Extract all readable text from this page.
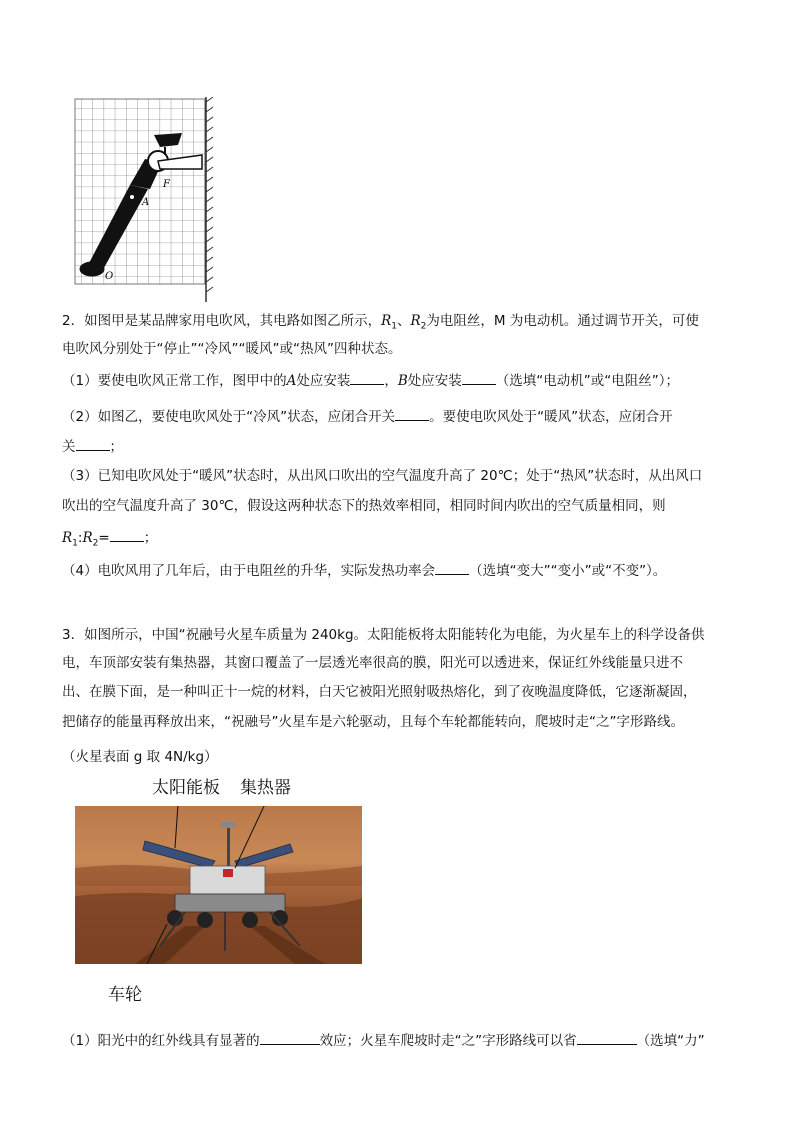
F
A
O
2．如图甲是某品牌家用电吹风，其电路如图乙所示，$R_1$、$R_2$为电阻丝，M 为电动机。通过调节开关，可使
电吹风分别处于“停止”“冷风”“暖风”或“热风”四种状态。
（1）要使电吹风正常工作，图甲中的A处应安装	，B处应安装	（选填“电动机”或“电阻丝”）；
（2）如图乙，要使电吹风处于“冷风”状态，应闭合开关	。要使电吹风处于“暖风”状态，应闭合开
关	；
（3）已知电吹风处于“暖风”状态时，从出风口吹出的空气温度升高了 20℃；处于“热风”状态时，从出风口
吹出的空气温度升高了 30℃，假设这两种状态下的热效率相同，相同时间内吹出的空气质量相同，则
$R_1:R_2=$	；
（4）电吹风用了几年后，由于电阻丝的升华，实际发热功率会	（选填“变大”“变小”或“不变”）。
3．如图所示，中国“祝融号火星车质量为 240kg。太阳能板将太阳能转化为电能，为火星车上的科学设备供
电，车顶部安装有集热器，其窗口覆盖了一层透光率很高的膜，阳光可以透进来，保证红外线能量只进不
出、在膜下面，是一种叫正十一烷的材料，白天它被阳光照射吸热熔化，到了夜晚温度降低，它逐渐凝固，
把储存的能量再释放出来，“祝融号”火星车是六轮驱动，且每个车轮都能转向，爬坡时走“之”字形路线。
（火星表面 g 取 4N/kg）
太阳能板 集热器
车轮
（1）阳光中的红外线具有显著的	效应；火星车爬坡时走“之”字形路线可以省	（选填“力”
